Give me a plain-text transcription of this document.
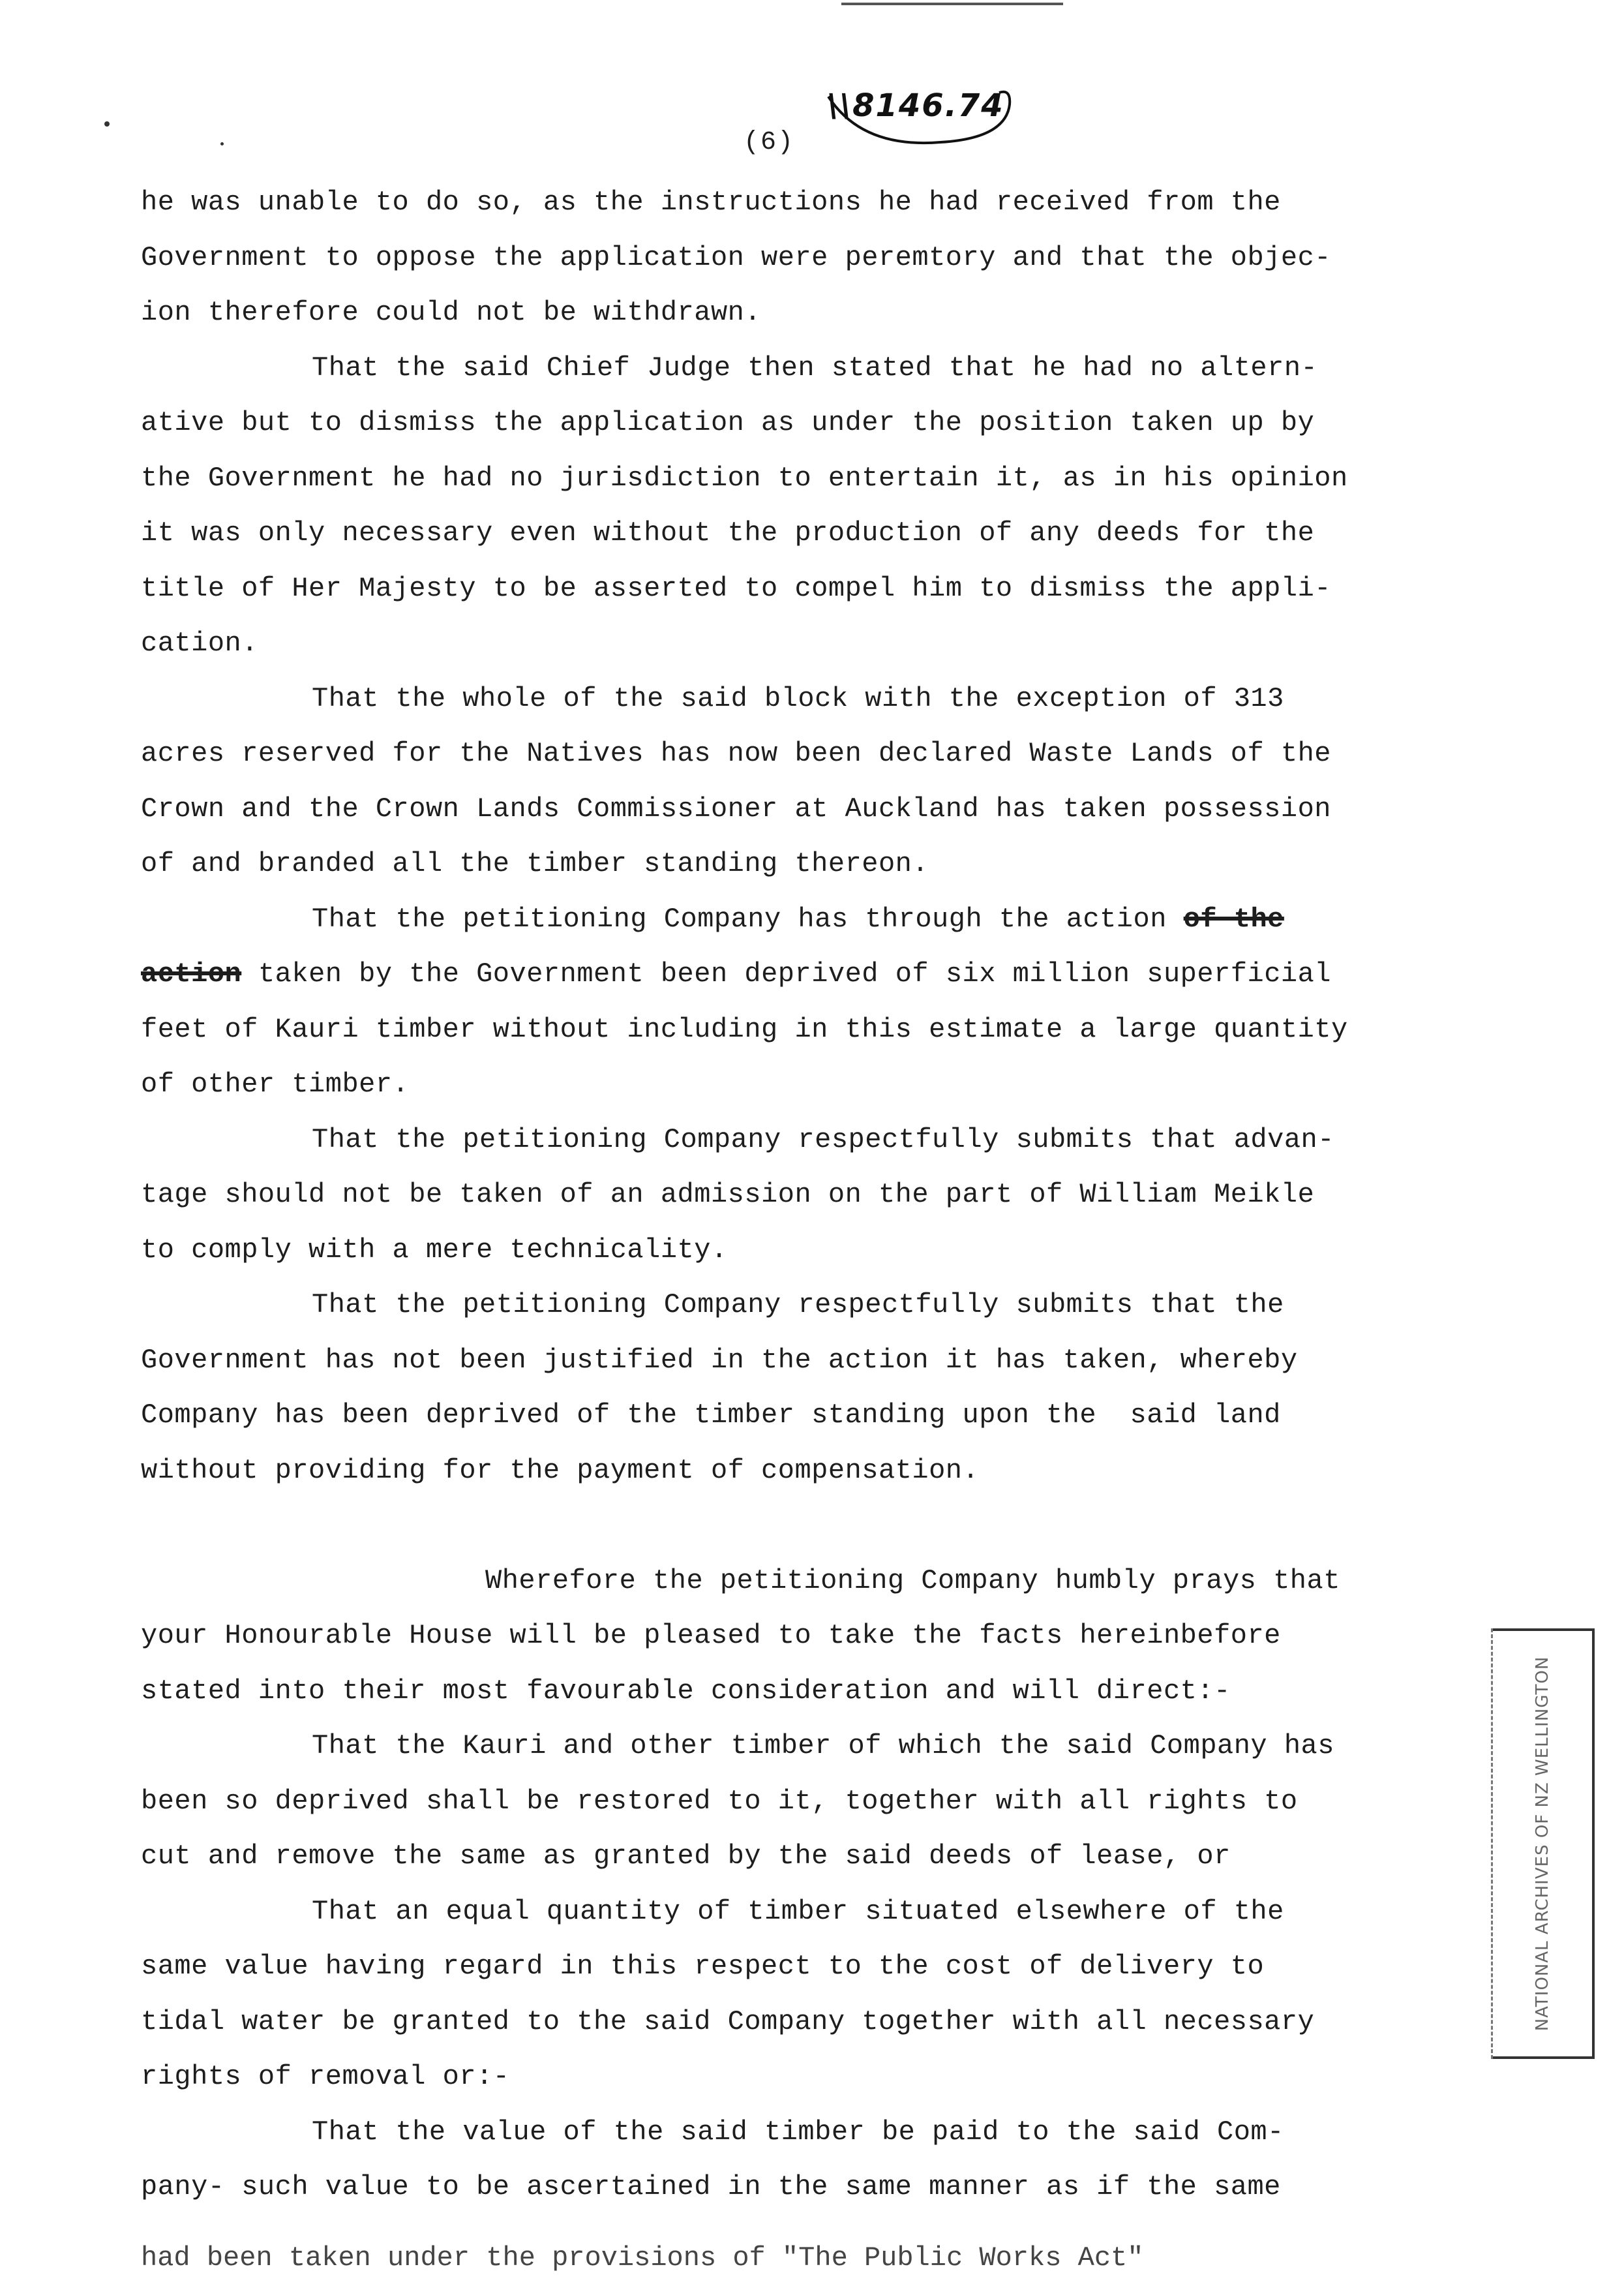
(6)
\\8146.74
he was unable to do so, as the instructions he had received from the
Government to oppose the application were peremtory and that the objec-
ion therefore could not be withdrawn.
That the said Chief Judge then stated that he had no altern-
ative but to dismiss the application as under the position taken up by
the Government he had no jurisdiction to entertain it, as in his opinion
it was only necessary even without the production of any deeds for the
title of Her Majesty to be asserted to compel him to dismiss the appli-
cation.
That the whole of the said block with the exception of 313
acres reserved for the Natives has now been declared Waste Lands of the
Crown and the Crown Lands Commissioner at Auckland has taken possession
of and branded all the timber standing thereon.
That the petitioning Company has through the action of the
action taken by the Government been deprived of six million superficial
feet of Kauri timber without including in this estimate a large quantity
of other timber.
That the petitioning Company respectfully submits that advan-
tage should not be taken of an admission on the part of William Meikle
to comply with a mere technicality.
That the petitioning Company respectfully submits that the
Government has not been justified in the action it has taken, whereby
Company has been deprived of the timber standing upon the  said land
without providing for the payment of compensation.
Wherefore the petitioning Company humbly prays that
your Honourable House will be pleased to take the facts hereinbefore
stated into their most favourable consideration and will direct:-
That the Kauri and other timber of which the said Company has
been so deprived shall be restored to it, together with all rights to
cut and remove the same as granted by the said deeds of lease, or
That an equal quantity of timber situated elsewhere of the
same value having regard in this respect to the cost of delivery to
tidal water be granted to the said Company together with all necessary
rights of removal or:-
That the value of the said timber be paid to the said Com-
pany- such value to be ascertained in the same manner as if the same
had been taken under the provisions of "The Public Works Act"
NATIONAL ARCHIVES OF NZ WELLINGTON
